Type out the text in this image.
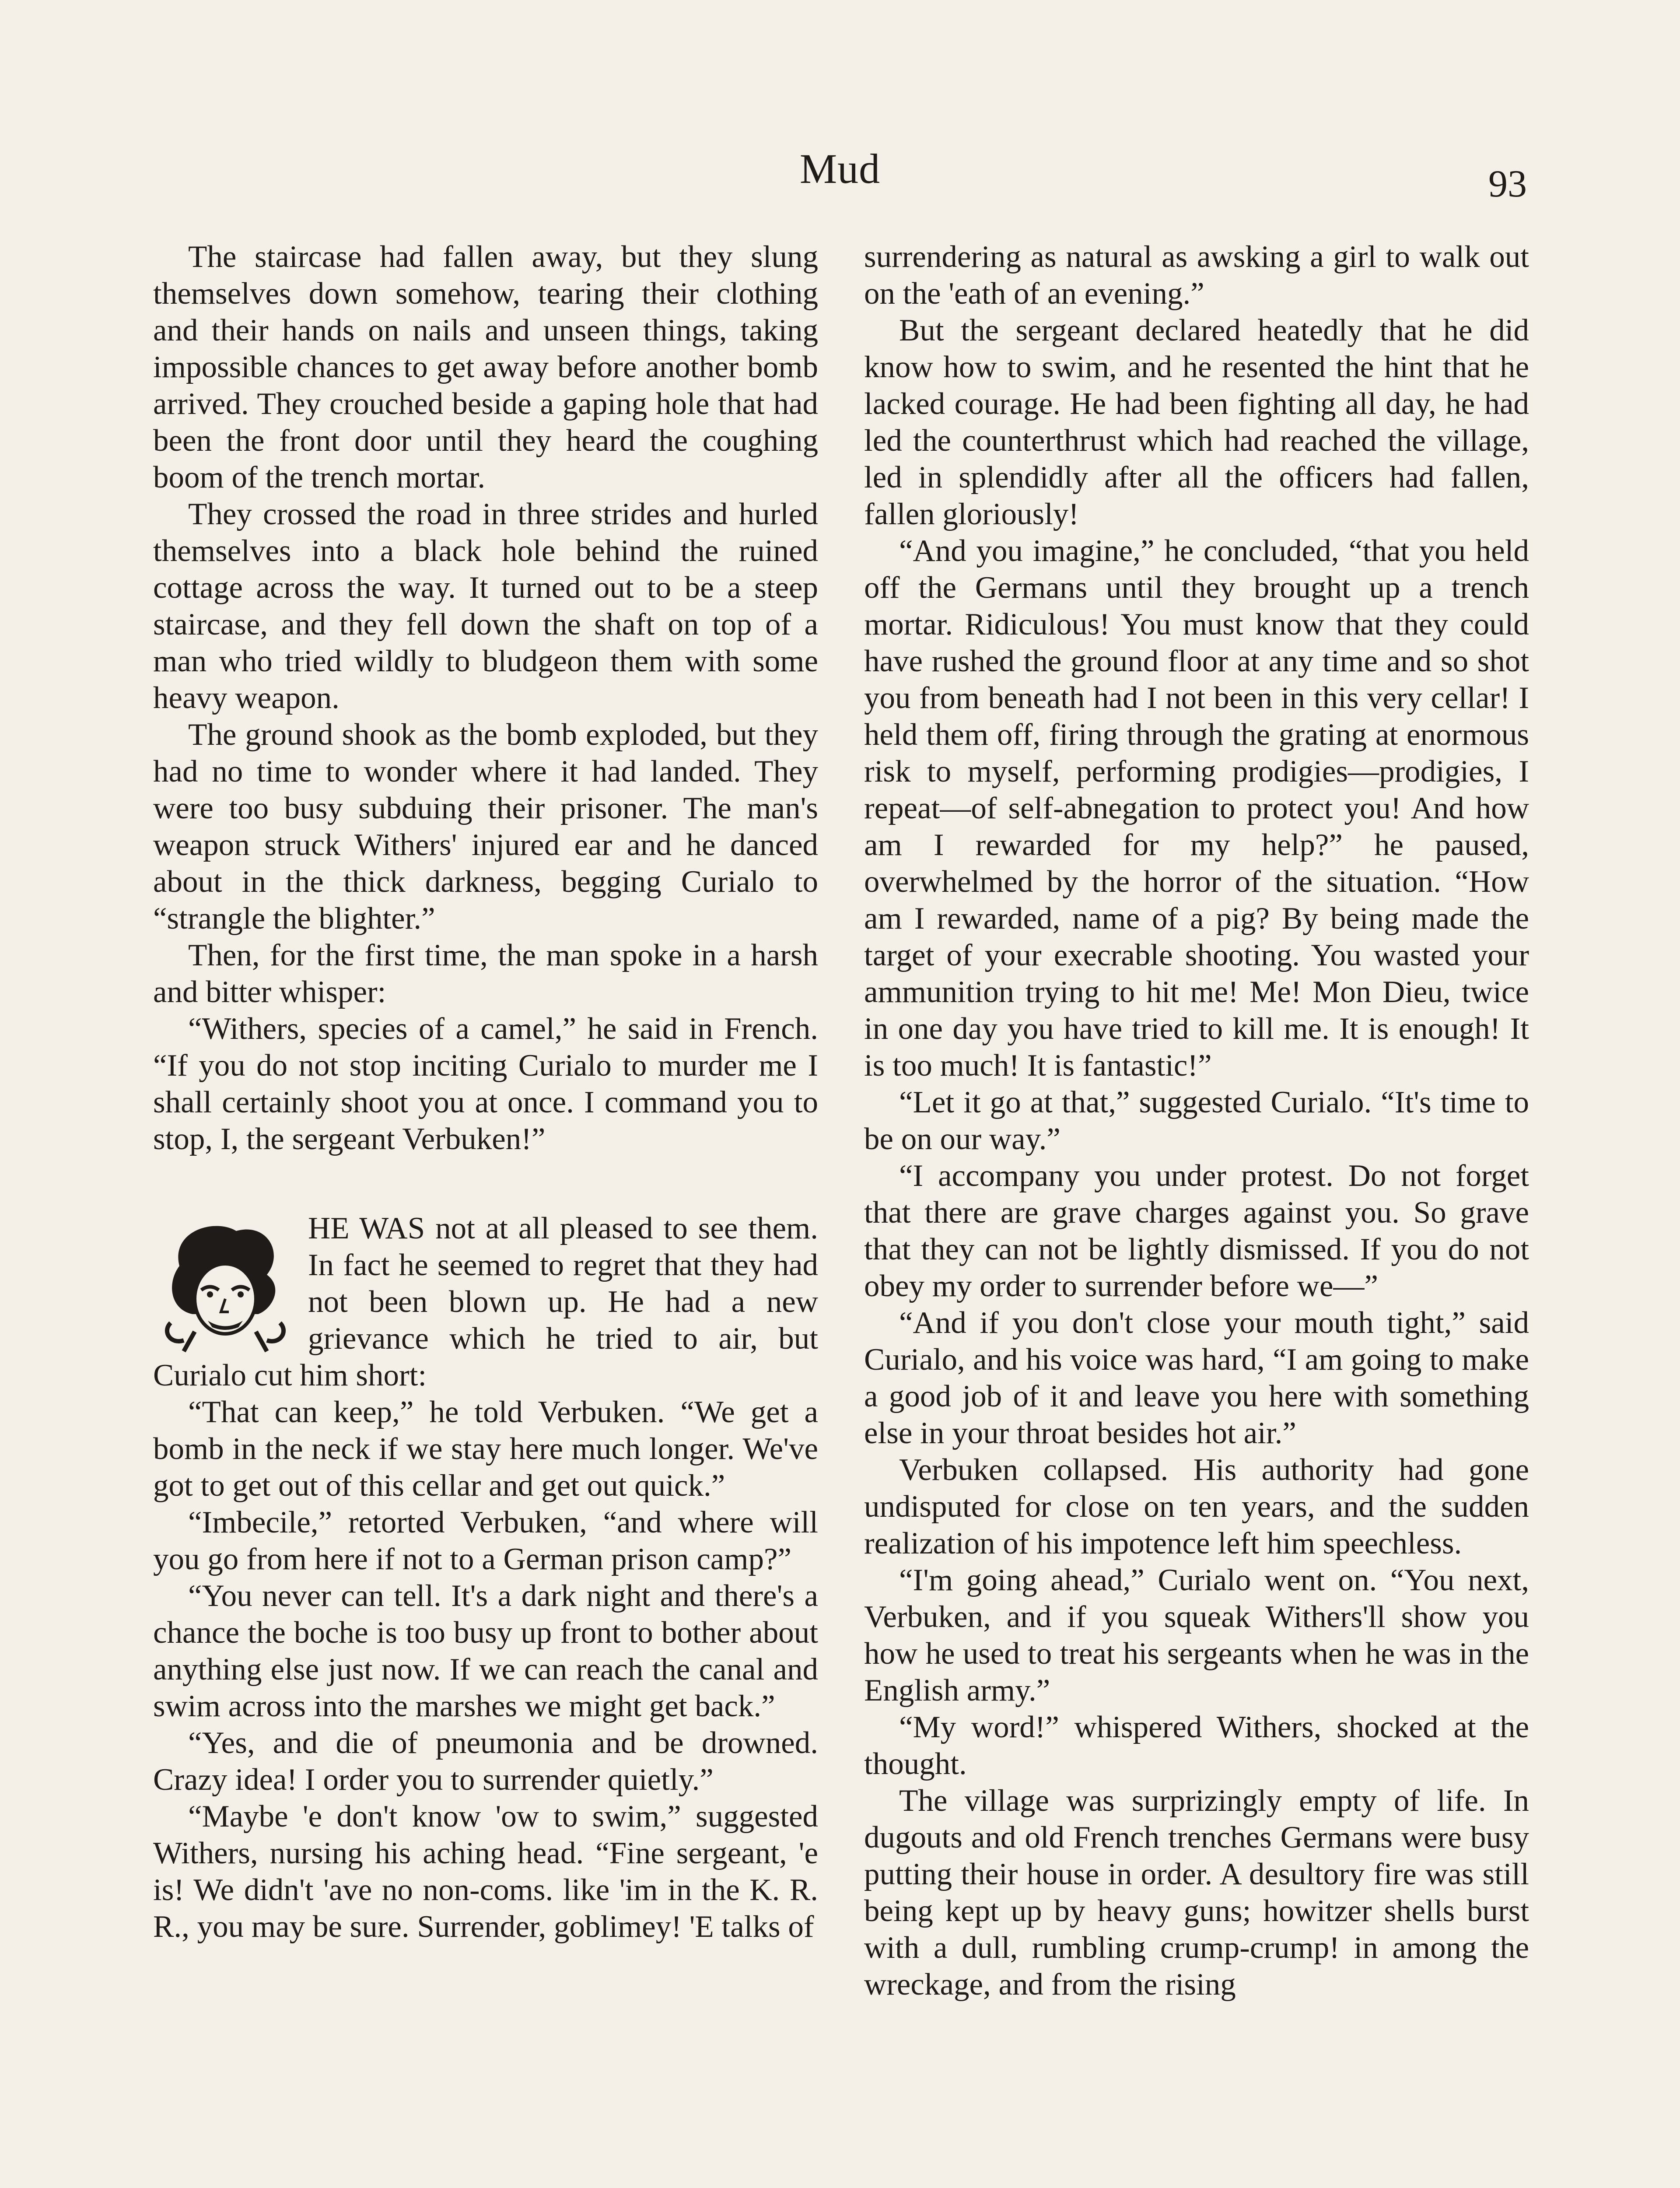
Mud	93

The staircase had fallen away, but they slung themselves down somehow, tearing their clothing and their hands on nails and unseen things, taking impossible chances to get away before another bomb arrived. They crouched beside a gaping hole that had been the front door until they heard the coughing boom of the trench mortar.

They crossed the road in three strides and hurled themselves into a black hole behind the ruined cottage across the way. It turned out to be a steep staircase, and they fell down the shaft on top of a man who tried wildly to bludgeon them with some heavy weapon.

The ground shook as the bomb exploded, but they had no time to wonder where it had landed. They were too busy subduing their prisoner. The man's weapon struck Withers' injured ear and he danced about in the thick darkness, begging Curialo to “strangle the blighter.”

Then, for the first time, the man spoke in a harsh and bitter whisper:

“Withers, species of a camel,” he said in French. “If you do not stop inciting Curialo to murder me I shall certainly shoot you at once. I command you to stop, I, the sergeant Verbuken!”

HE WAS not at all pleased to see them. In fact he seemed to regret that they had not been blown up. He had a new grievance which he tried to air, but Curialo cut him short:

“That can keep,” he told Verbuken. “We get a bomb in the neck if we stay here much longer. We've got to get out of this cellar and get out quick.”

“Imbecile,” retorted Verbuken, “and where will you go from here if not to a German prison camp?”

“You never can tell. It's a dark night and there's a chance the boche is too busy up front to bother about anything else just now. If we can reach the canal and swim across into the marshes we might get back.”

“Yes, and die of pneumonia and be drowned. Crazy idea! I order you to surrender quietly.”

“Maybe 'e don't know 'ow to swim,” suggested Withers, nursing his aching head. “Fine sergeant, 'e is! We didn't 'ave no non-coms. like 'im in the K. R. R., you may be sure. Surrender, goblimey! 'E talks of

surrendering as natural as awsking a girl to walk out on the 'eath of an evening.”

But the sergeant declared heatedly that he did know how to swim, and he resented the hint that he lacked courage. He had been fighting all day, he had led the counterthrust which had reached the village, led in splendidly after all the officers had fallen, fallen gloriously!

“And you imagine,” he concluded, “that you held off the Germans until they brought up a trench mortar. Ridiculous! You must know that they could have rushed the ground floor at any time and so shot you from beneath had I not been in this very cellar! I held them off, firing through the grating at enormous risk to myself, performing prodigies—prodigies, I repeat—of self-abnegation to protect you! And how am I rewarded for my help?” he paused, overwhelmed by the horror of the situation. “How am I rewarded, name of a pig? By being made the target of your execrable shooting. You wasted your ammunition trying to hit me! Me! Mon Dieu, twice in one day you have tried to kill me. It is enough! It is too much! It is fantastic!”

“Let it go at that,” suggested Curialo. “It's time to be on our way.”

“I accompany you under protest. Do not forget that there are grave charges against you. So grave that they can not be lightly dismissed. If you do not obey my order to surrender before we—”

“And if you don't close your mouth tight,” said Curialo, and his voice was hard, “I am going to make a good job of it and leave you here with something else in your throat besides hot air.”

Verbuken collapsed. His authority had gone undisputed for close on ten years, and the sudden realization of his impotence left him speechless.

“I'm going ahead,” Curialo went on. “You next, Verbuken, and if you squeak Withers'll show you how he used to treat his sergeants when he was in the English army.”

“My word!” whispered Withers, shocked at the thought.

The village was surprizingly empty of life. In dugouts and old French trenches Germans were busy putting their house in order. A desultory fire was still being kept up by heavy guns; howitzer shells burst with a dull, rumbling crump-crump! in among the wreckage, and from the rising
